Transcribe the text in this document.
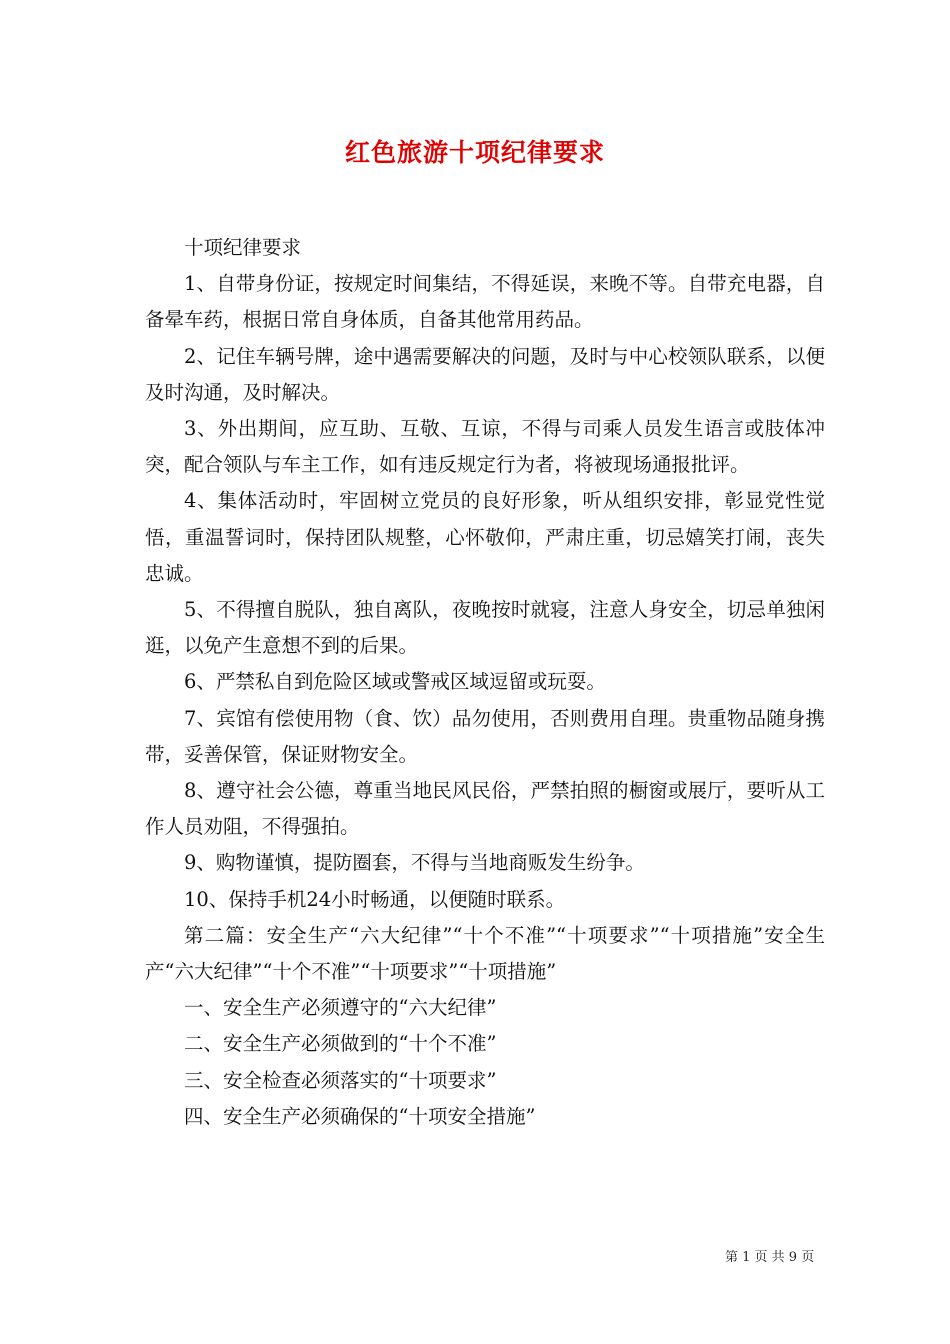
红色旅游十项纪律要求

十项纪律要求

1、自带身份证，按规定时间集结，不得延误，来晚不等。自带充电器，自备晕车药，根据日常自身体质，自备其他常用药品。

2、记住车辆号牌，途中遇需要解决的问题，及时与中心校领队联系，以便及时沟通，及时解决。

3、外出期间，应互助、互敬、互谅，不得与司乘人员发生语言或肢体冲突，配合领队与车主工作，如有违反规定行为者，将被现场通报批评。

4、集体活动时，牢固树立党员的良好形象，听从组织安排，彰显党性觉悟，重温誓词时，保持团队规整，心怀敬仰，严肃庄重，切忌嬉笑打闹，丧失忠诚。

5、不得擅自脱队，独自离队，夜晚按时就寝，注意人身安全，切忌单独闲逛，以免产生意想不到的后果。

6、严禁私自到危险区域或警戒区域逗留或玩耍。

7、宾馆有偿使用物（食、饮）品勿使用，否则费用自理。贵重物品随身携带，妥善保管，保证财物安全。

8、遵守社会公德，尊重当地民风民俗，严禁拍照的橱窗或展厅，要听从工作人员劝阻，不得强拍。

9、购物谨慎，提防圈套，不得与当地商贩发生纷争。

10、保持手机24小时畅通，以便随时联系。

第二篇：安全生产“六大纪律”“十个不准”“十项要求”“十项措施”安全生产“六大纪律”“十个不准”“十项要求”“十项措施”

一、安全生产必须遵守的“六大纪律”

二、安全生产必须做到的“十个不准”

三、安全检查必须落实的“十项要求”

四、安全生产必须确保的“十项安全措施”

第 1 页 共 9 页
